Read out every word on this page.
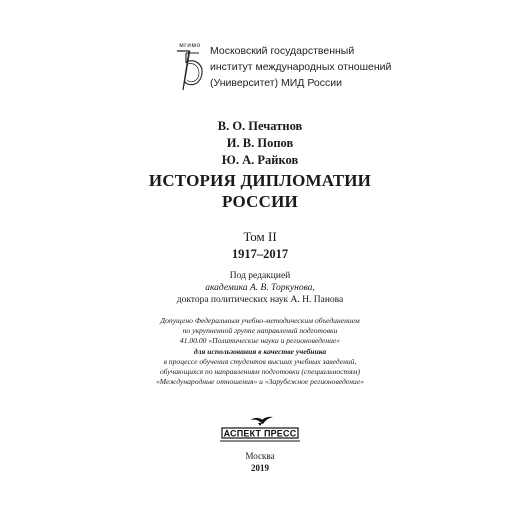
мгимо Московский государственный
институт международных отношений
(Университет) МИД России
В. О. Печатнов
И. В. Попов
Ю. А. Райков
ИСТОРИЯ ДИПЛОМАТИИ
РОССИИ
Том II
1917–2017
Под редакцией
академика А. В. Торкунова,
доктора политических наук А. Н. Панова
Допущено Федеральным учебно-методическим объединением
по укрупненной группе направлений подготовки
41.00.00 «Политические науки и регионоведение»
для использования в качестве учебника
в процессе обучения студентов высших учебных заведений,
обучающихся по направлениям подготовки (специальностям)
«Международные отношения» и «Зарубежное регионоведение»
АСПЕКТ ПРЕСС
Москва
2019
